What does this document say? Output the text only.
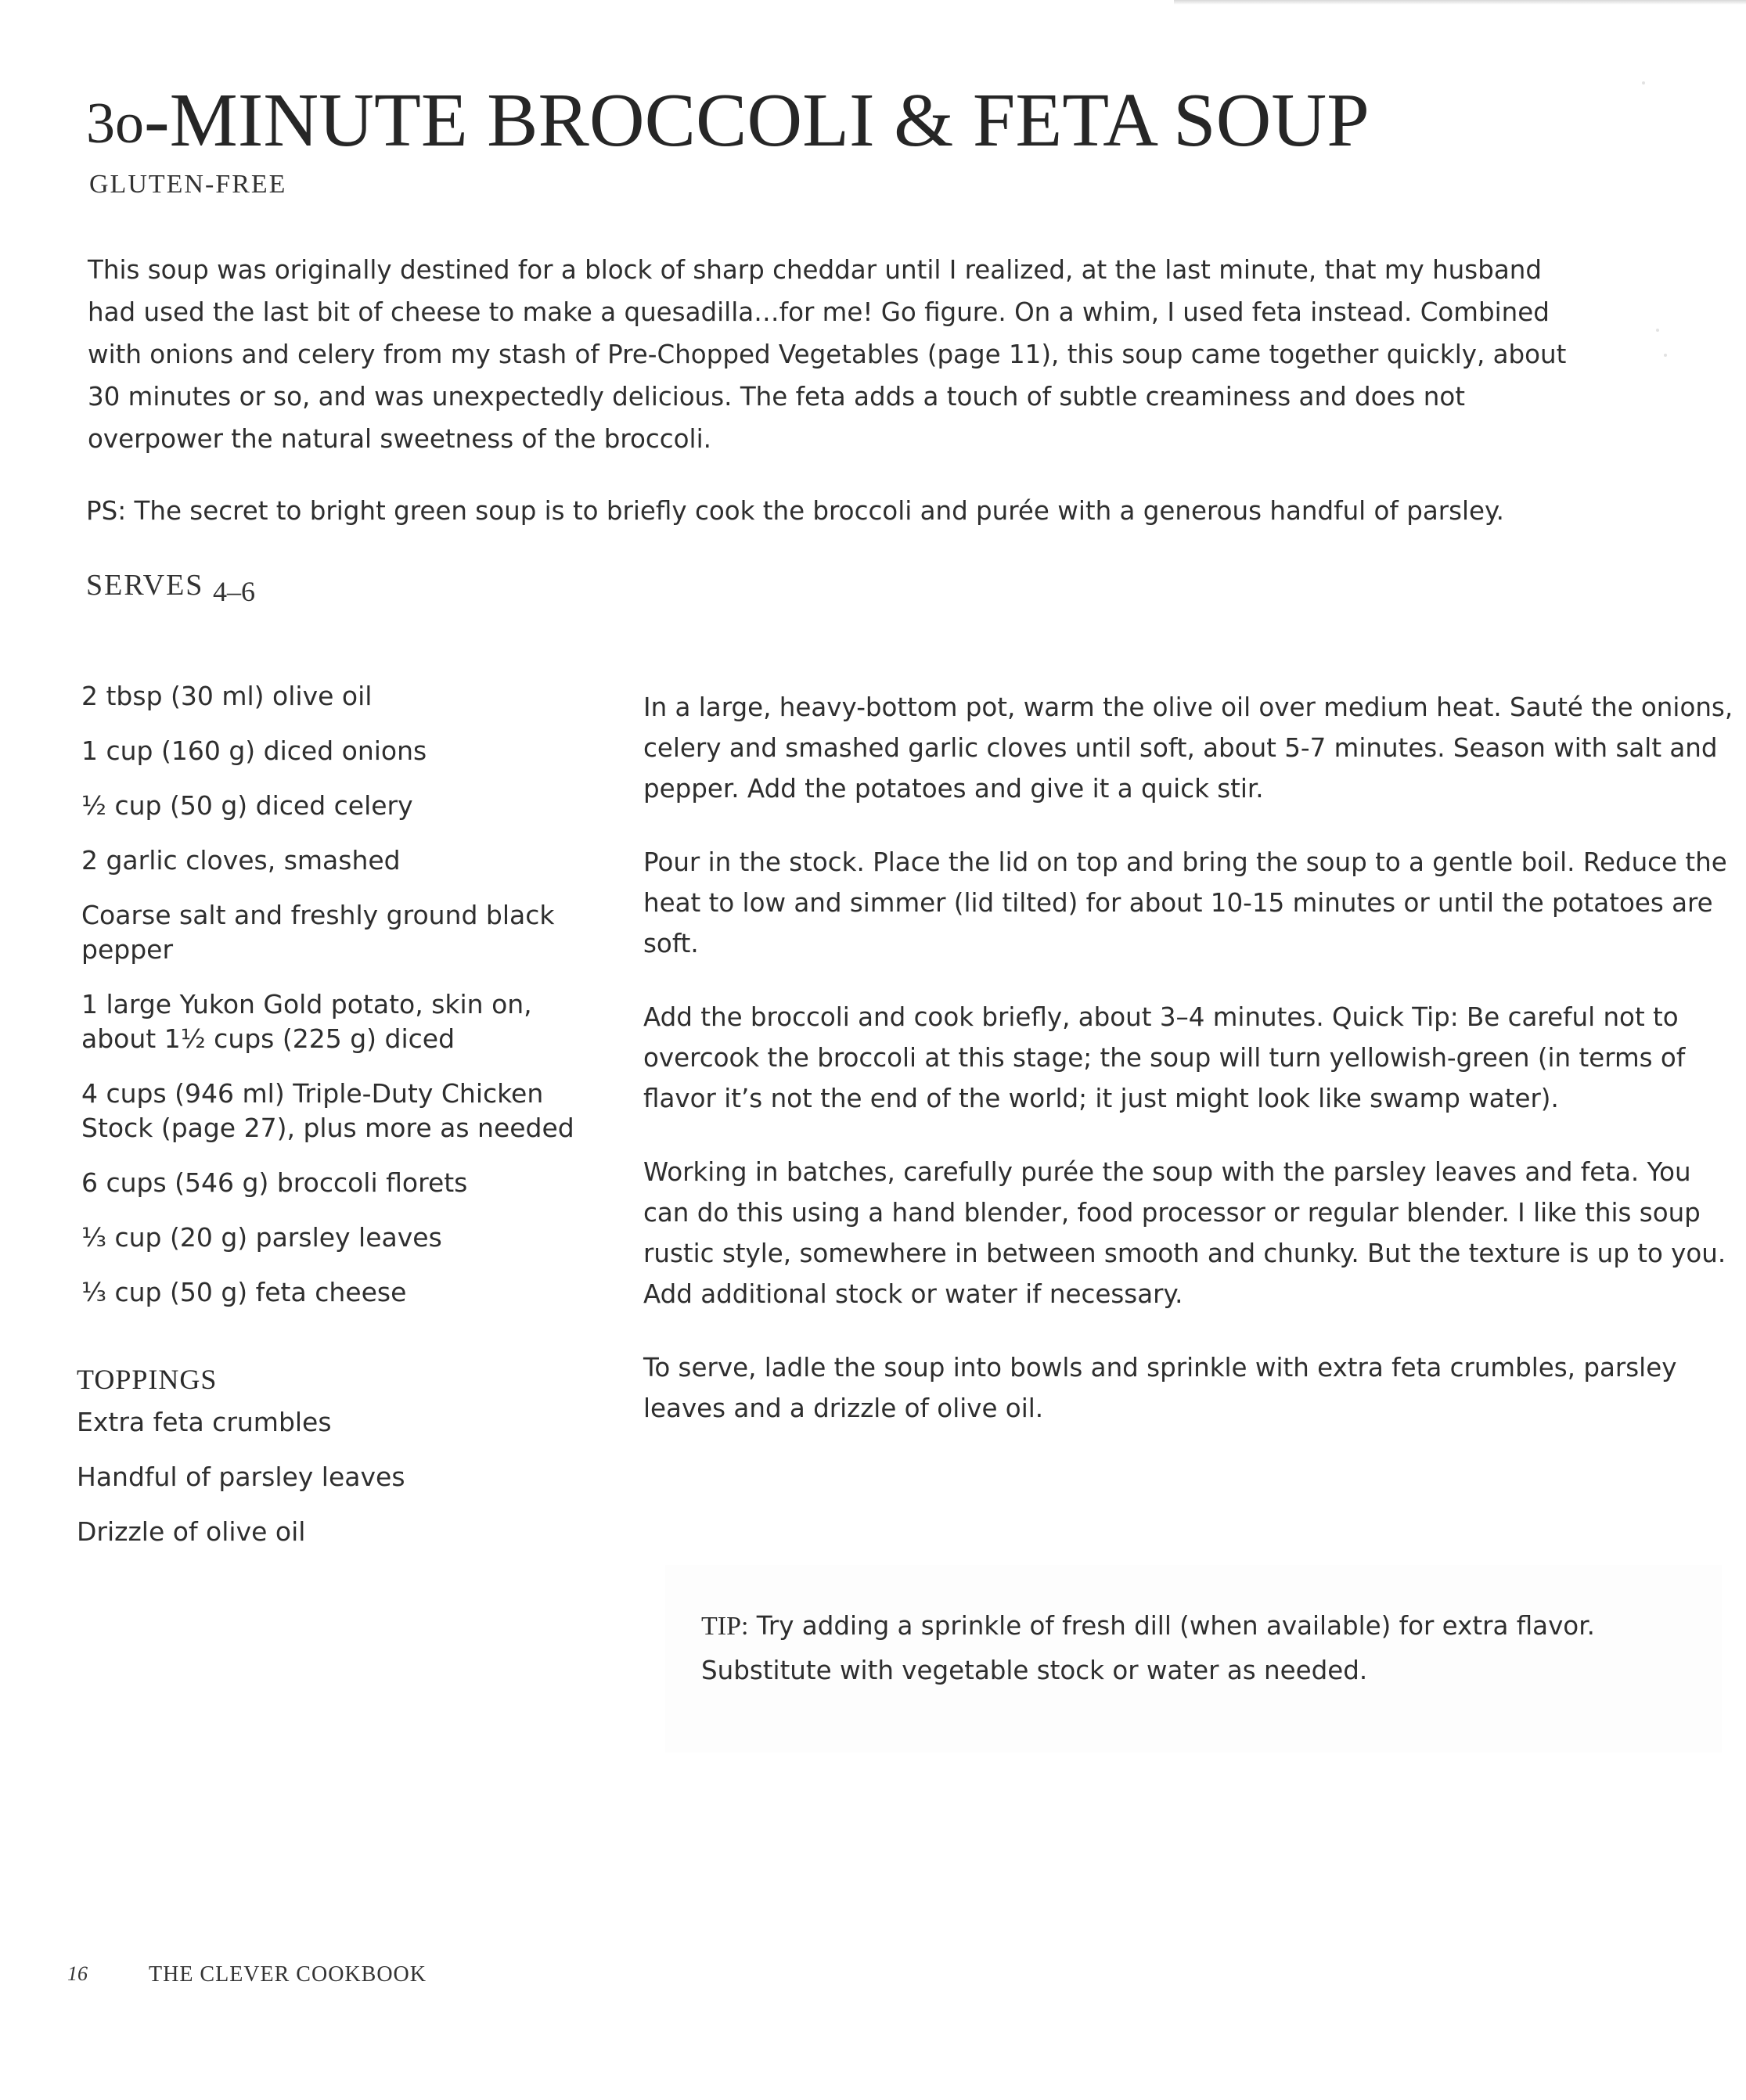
3o-MINUTE BROCCOLI & FETA SOUP
GLUTEN-FREE

This soup was originally destined for a block of sharp cheddar until I realized, at the last minute, that my husband had used the last bit of cheese to make a quesadilla…for me! Go figure. On a whim, I used feta instead. Combined with onions and celery from my stash of Pre-Chopped Vegetables (page 11), this soup came together quickly, about 30 minutes or so, and was unexpectedly delicious. The feta adds a touch of subtle creaminess and does not overpower the natural sweetness of the broccoli.

PS: The secret to bright green soup is to briefly cook the broccoli and purée with a generous handful of parsley.
SERVES 4–6
2 tbsp (30 ml) olive oil
1 cup (160 g) diced onions
½ cup (50 g) diced celery
2 garlic cloves, smashed
Coarse salt and freshly ground black pepper
1 large Yukon Gold potato, skin on, about 1½ cups (225 g) diced
4 cups (946 ml) Triple-Duty Chicken Stock (page 27), plus more as needed
6 cups (546 g) broccoli florets
⅓ cup (20 g) parsley leaves
⅓ cup (50 g) feta cheese
TOPPINGS
Extra feta crumbles
Handful of parsley leaves
Drizzle of olive oil

In a large, heavy-bottom pot, warm the olive oil over medium heat. Sauté the onions, celery and smashed garlic cloves until soft, about 5-7 minutes. Season with salt and pepper. Add the potatoes and give it a quick stir.

Pour in the stock. Place the lid on top and bring the soup to a gentle boil. Reduce the heat to low and simmer (lid tilted) for about 10-15 minutes or until the potatoes are soft.

Add the broccoli and cook briefly, about 3–4 minutes. Quick Tip: Be careful not to overcook the broccoli at this stage; the soup will turn yellowish-green (in terms of flavor it’s not the end of the world; it just might look like swamp water).

Working in batches, carefully purée the soup with the parsley leaves and feta. You can do this using a hand blender, food processor or regular blender. I like this soup rustic style, somewhere in between smooth and chunky. But the texture is up to you. Add additional stock or water if necessary.

To serve, ladle the soup into bowls and sprinkle with extra feta crumbles, parsley leaves and a drizzle of olive oil.

TIP: Try adding a sprinkle of fresh dill (when available) for extra flavor. Substitute with vegetable stock or water as needed.
16	THE CLEVER COOKBOOK
